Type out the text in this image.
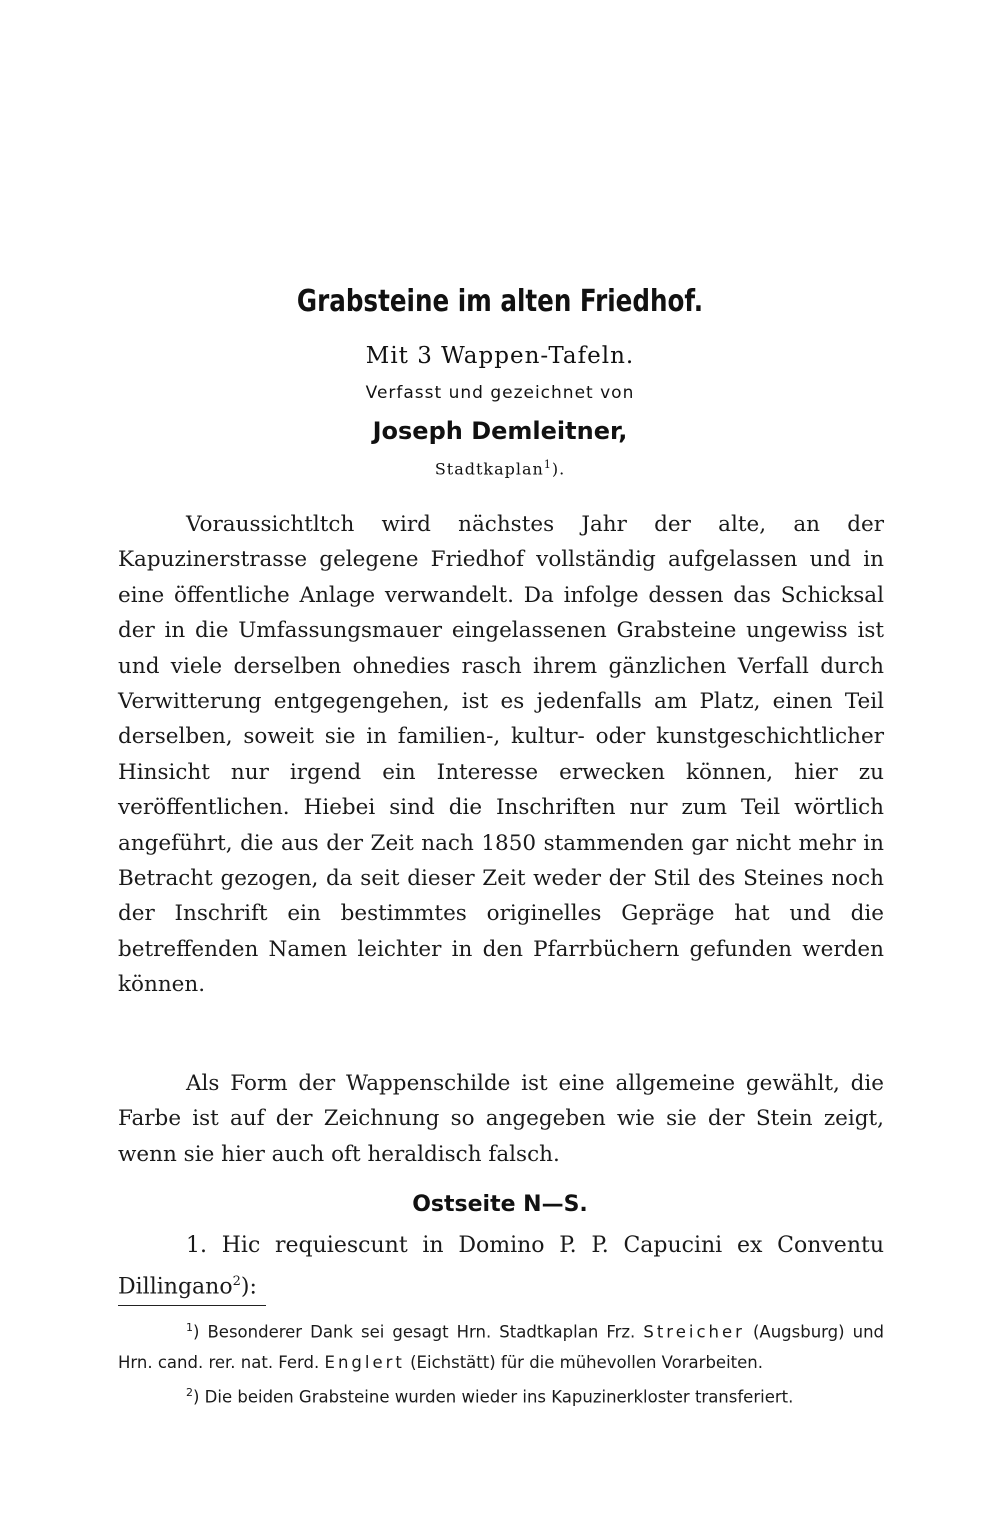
Grabsteine im alten Friedhof.
Mit 3 Wappen-Tafeln.
Verfasst und gezeichnet von
Joseph Demleitner,
Stadtkaplan$^1$).

Voraussichtltch wird nächstes Jahr der alte, an der Kapuzinerstrasse gelegene Friedhof vollständig aufgelassen und in eine öffentliche Anlage verwandelt. Da infolge dessen das Schicksal der in die Umfassungsmauer eingelassenen Grabsteine ungewiss ist und viele derselben ohnedies rasch ihrem gänzlichen Verfall durch Verwitterung entgegengehen, ist es jedenfalls am Platz, einen Teil derselben, soweit sie in familien-, kultur- oder kunstgeschichtlicher Hinsicht nur irgend ein Interesse erwecken können, hier zu veröffentlichen. Hiebei sind die Inschriften nur zum Teil wörtlich angeführt, die aus der Zeit nach 1850 stammenden gar nicht mehr in Betracht gezogen, da seit dieser Zeit weder der Stil des Steines noch der Inschrift ein bestimmtes originelles Gepräge hat und die betreffenden Namen leichter in den Pfarrbüchern gefunden werden können.

Als Form der Wappenschilde ist eine allgemeine gewählt, die Farbe ist auf der Zeichnung so angegeben wie sie der Stein zeigt, wenn sie hier auch oft heraldisch falsch.

Ostseite N—S.

1. Hic requiescunt in Domino P. P. Capucini ex Conventu Dillingano$^2$):

$^1$) Besonderer Dank sei gesagt Hrn. Stadtkaplan Frz. Streicher (Augsburg) und Hrn. cand. rer. nat. Ferd. Englert (Eichstätt) für die mühevollen Vorarbeiten.

$^2$) Die beiden Grabsteine wurden wieder ins Kapuzinerkloster transferiert.
